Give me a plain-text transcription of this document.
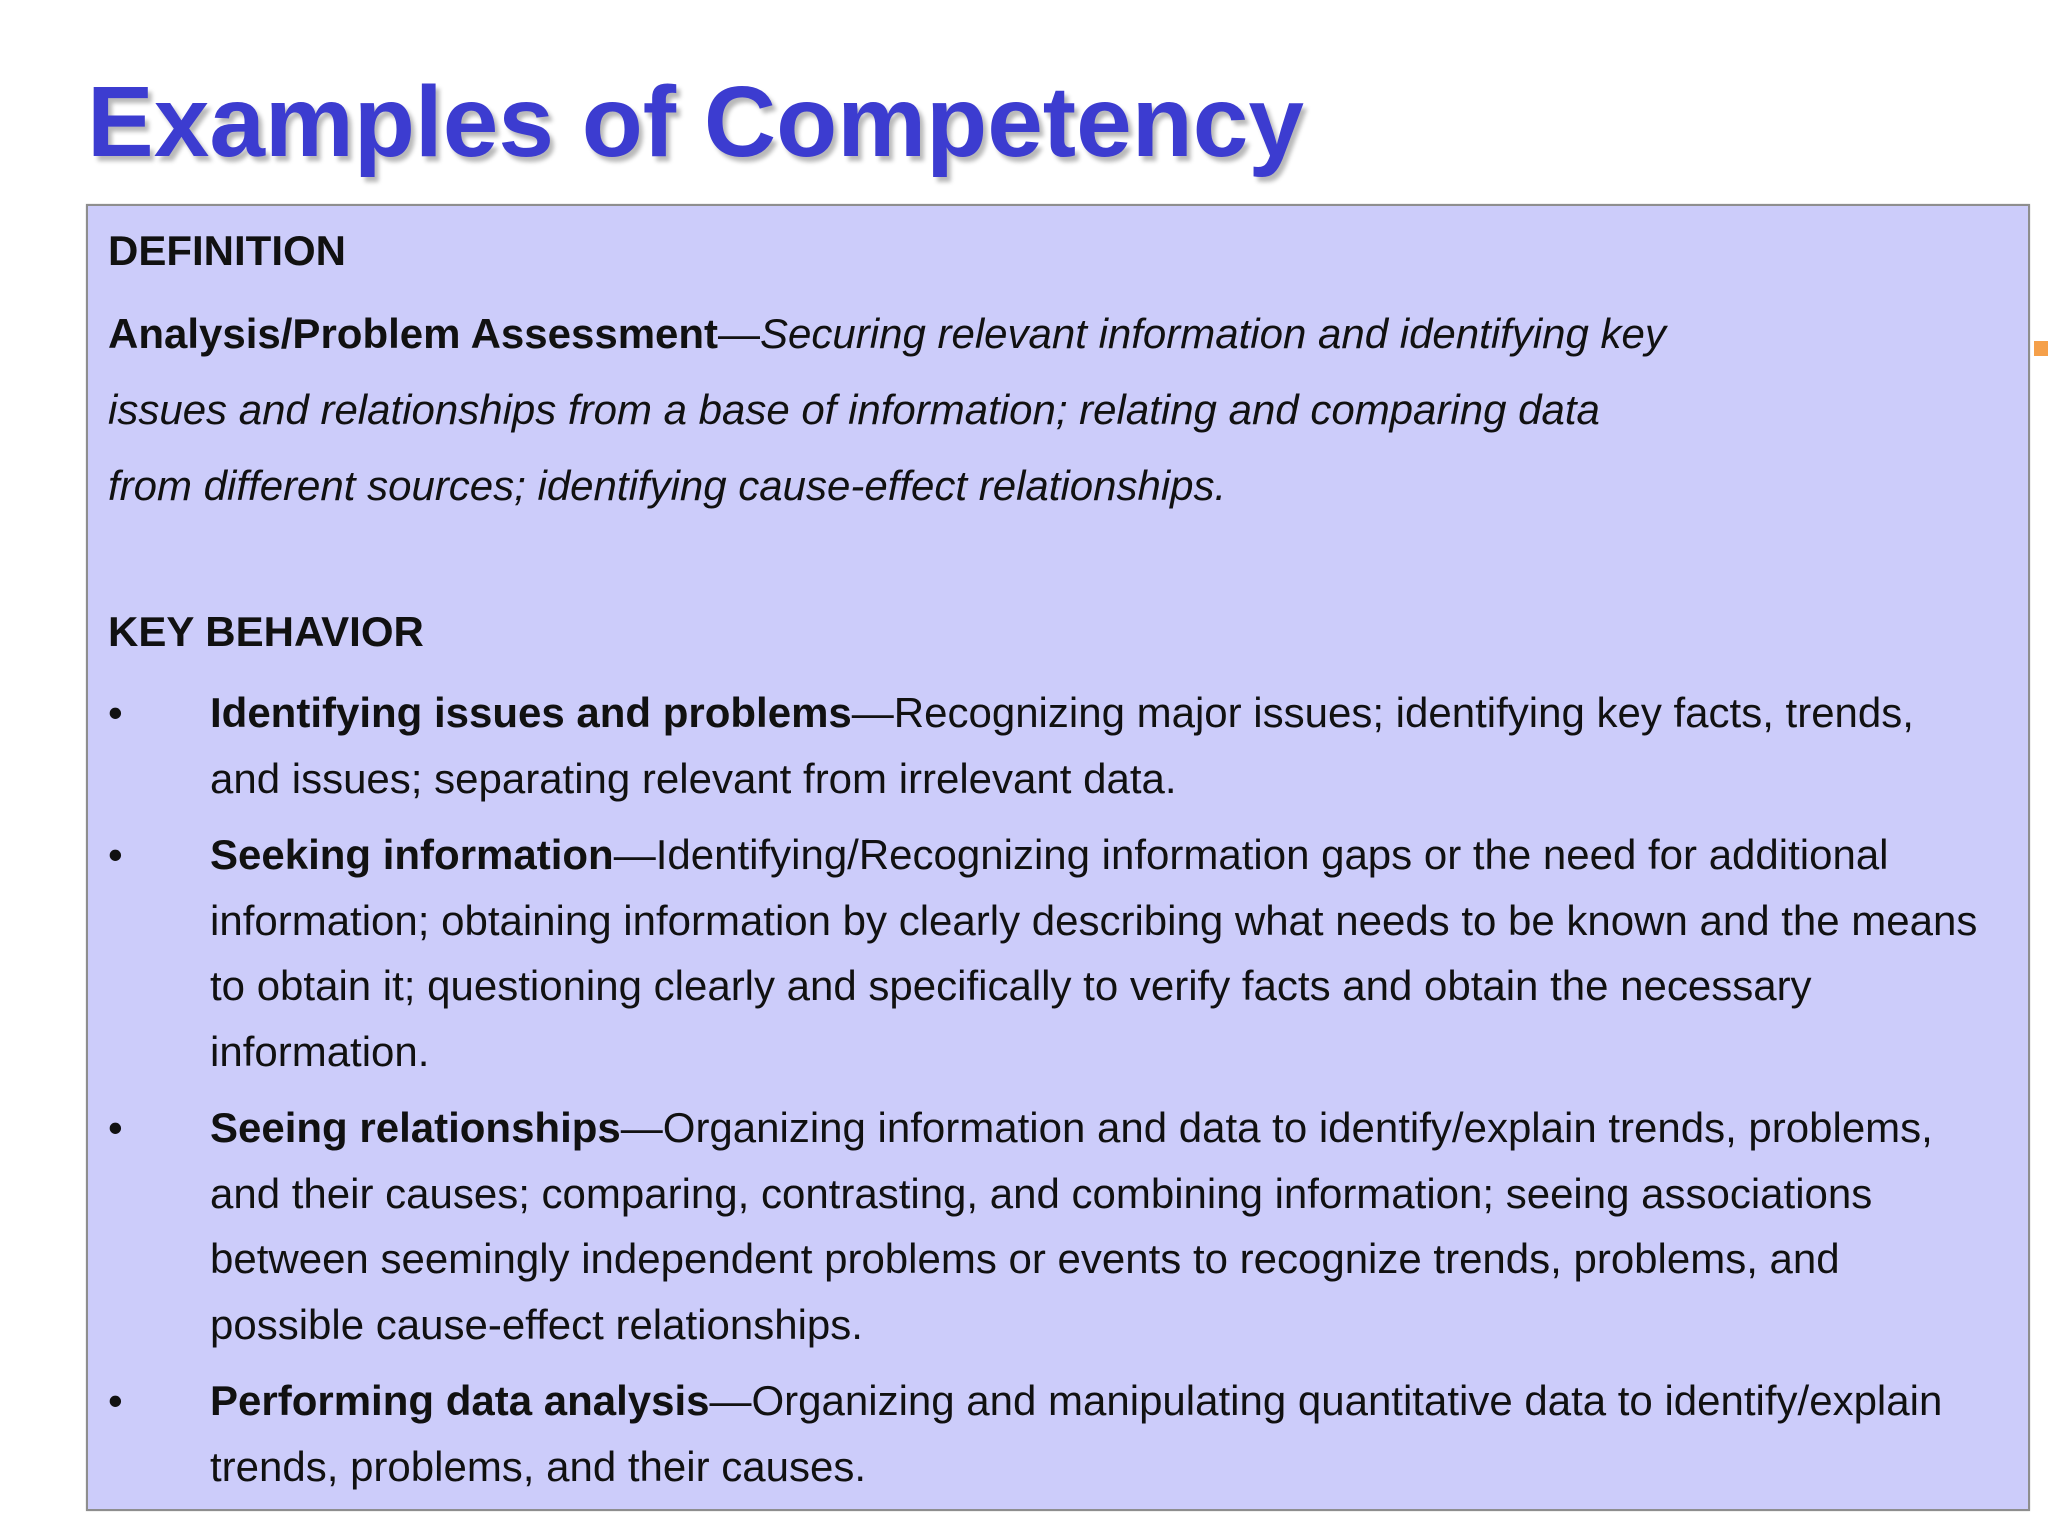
Examples of Competency
DEFINITION

Analysis/Problem Assessment—Securing relevant information and identifying key
issues and relationships from a base of information; relating and comparing data
from different sources; identifying cause-effect relationships.

KEY BEHAVIOR
•	Identifying issues and problems—Recognizing major issues; identifying key facts, trends, and issues; separating relevant from irrelevant data.
•	Seeking information—Identifying/Recognizing information gaps or the need for additional information; obtaining information by clearly describing what needs to be known and the means to obtain it; questioning clearly and specifically to verify facts and obtain the necessary information.
•	Seeing relationships—Organizing information and data to identify/explain trends, problems, and their causes; comparing, contrasting, and combining information; seeing associations between seemingly independent problems or events to recognize trends, problems, and possible cause-effect relationships.
•	Performing data analysis—Organizing and manipulating quantitative data to identify/explain trends, problems, and their causes.
